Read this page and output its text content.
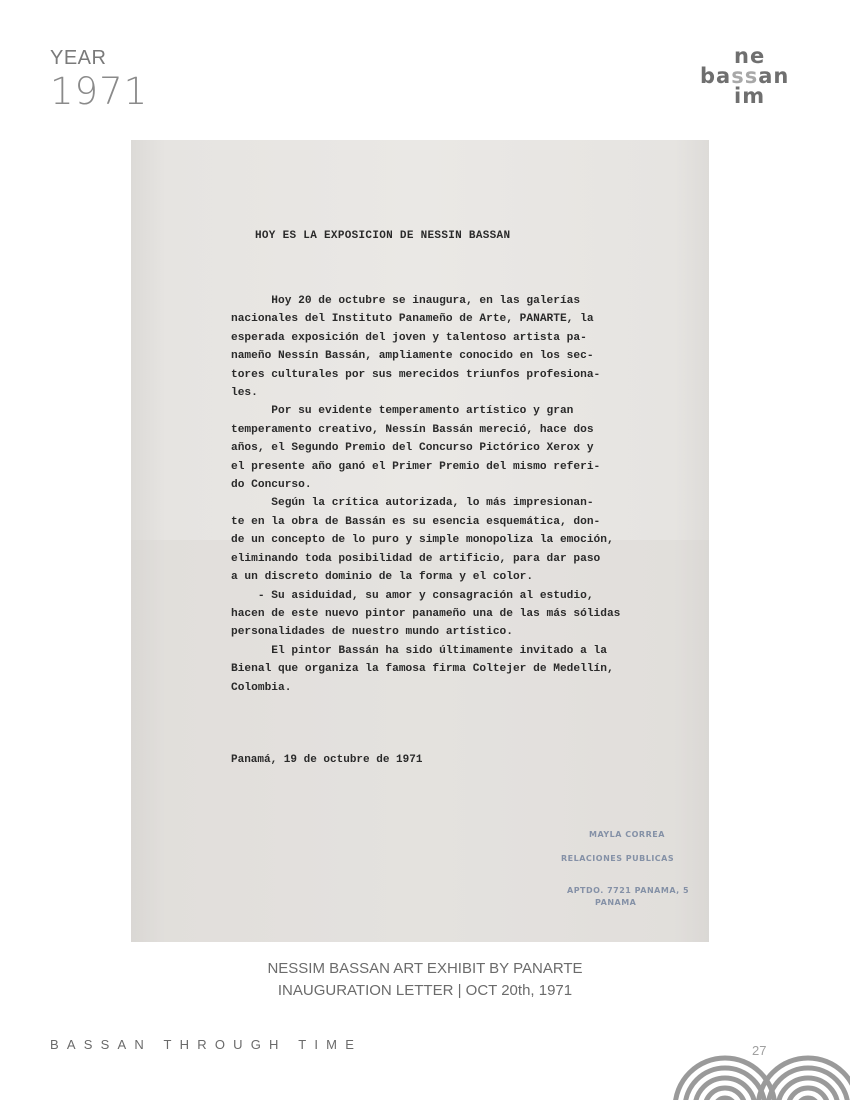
YEAR
1971
ne
bassan
im
HOY ES LA EXPOSICION DE NESSIN BASSAN
Hoy 20 de octubre se inaugura, en las galerías
nacionales del Instituto Panameño de Arte, PANARTE, la
esperada exposición del joven y talentoso artista pa-
nameño Nessín Bassán, ampliamente conocido en los sec-
tores culturales por sus merecidos triunfos profesiona-
les.
Por su evidente temperamento artístico y gran
temperamento creativo, Nessín Bassán mereció, hace dos
años, el Segundo Premio del Concurso Pictórico Xerox y
el presente año ganó el Primer Premio del mismo referi-
do Concurso.
Según la crítica autorizada, lo más impresionan-
te en la obra de Bassán es su esencia esquemática, don-
de un concepto de lo puro y simple monopoliza la emoción,
eliminando toda posibilidad de artificio, para dar paso
a un discreto dominio de la forma y el color.
- Su asiduidad, su amor y consagración al estudio,
hacen de este nuevo pintor panameño una de las más sólidas
personalidades de nuestro mundo artístico.
El pintor Bassán ha sido últimamente invitado a la
Bienal que organiza la famosa firma Coltejer de Medellín,
Colombia.
Panamá, 19 de octubre de 1971
MAYLA CORREA
RELACIONES PUBLICAS
APTDO. 7721 PANAMA, 5
PANAMA
NESSIM BASSAN ART EXHIBIT BY PANARTE
INAUGURATION LETTER | OCT 20th, 1971
BASSAN THROUGH TIME	27
